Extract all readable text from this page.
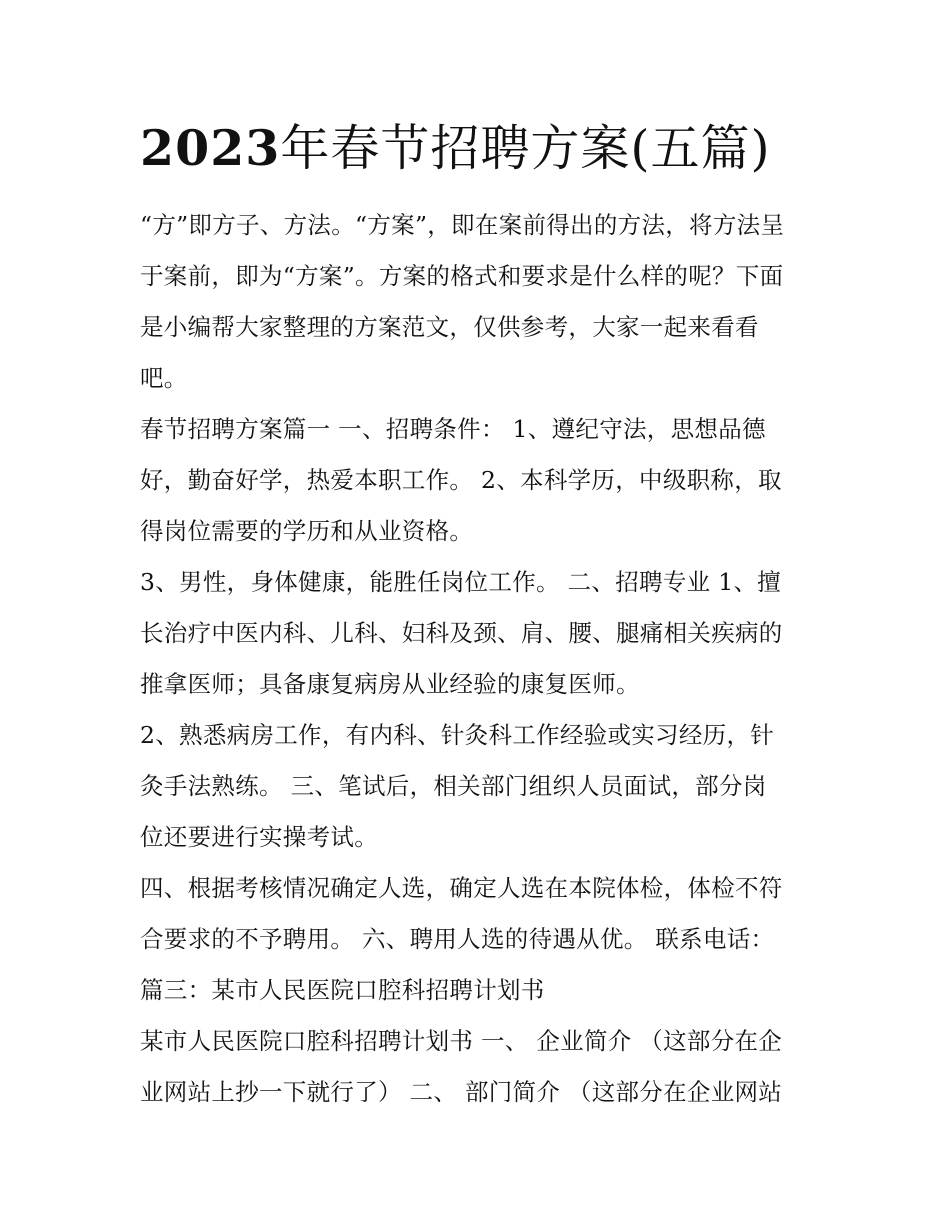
2023年春节招聘方案(五篇)

“方”即方子、方法。“方案”，即在案前得出的方法，将方法呈
于案前，即为“方案”。方案的格式和要求是什么样的呢？下面
是小编帮大家整理的方案范文，仅供参考，大家一起来看看
吧。

春节招聘方案篇一 一、招聘条件： 1、遵纪守法，思想品德
好，勤奋好学，热爱本职工作。 2、本科学历，中级职称，取
得岗位需要的学历和从业资格。

3、男性，身体健康，能胜任岗位工作。 二、招聘专业 1、擅
长治疗中医内科、儿科、妇科及颈、肩、腰、腿痛相关疾病的
推拿医师；具备康复病房从业经验的康复医师。

2、熟悉病房工作，有内科、针灸科工作经验或实习经历，针
灸手法熟练。 三、笔试后，相关部门组织人员面试，部分岗
位还要进行实操考试。

四、根据考核情况确定人选，确定人选在本院体检，体检不符
合要求的不予聘用。 六、聘用人选的待遇从优。 联系电话：

篇三：某市人民医院口腔科招聘计划书

某市人民医院口腔科招聘计划书 一、 企业简介 （这部分在企
业网站上抄一下就行了） 二、 部门简介 （这部分在企业网站
